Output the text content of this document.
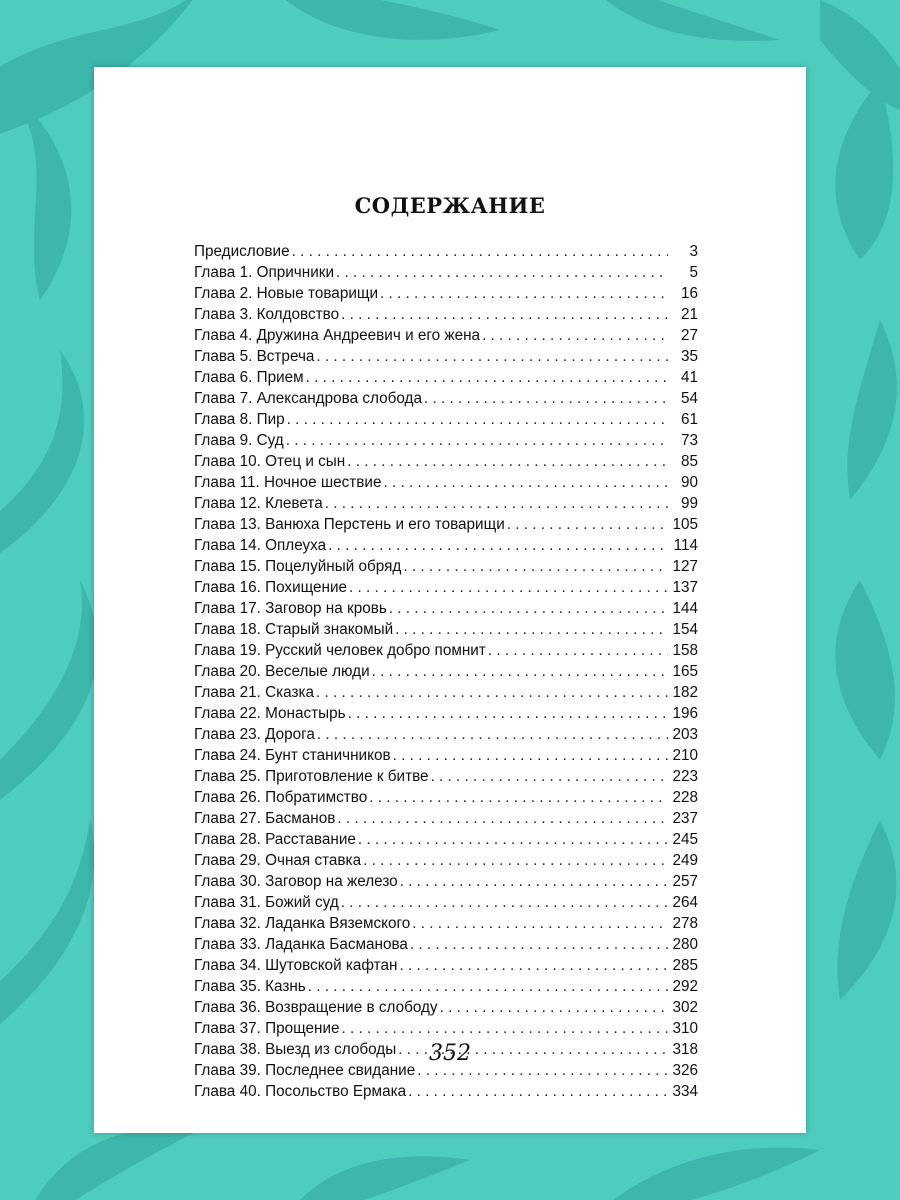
СОДЕРЖАНИЕ
Предисловие . . .	3
Глава 1. Опричники . . .	5
Глава 2. Новые товарищи . . .	16
Глава 3. Колдовство . . .	21
Глава 4. Дружина Андреевич и его жена . . .	27
Глава 5. Встреча . . .	35
Глава 6. Прием . . .	41
Глава 7. Александрова слобода . . .	54
Глава 8. Пир . . .	61
Глава 9. Суд . . .	73
Глава 10. Отец и сын . . .	85
Глава 11. Ночное шествие . . .	90
Глава 12. Клевета . . .	99
Глава 13. Ванюха Перстень и его товарищи . . .	105
Глава 14. Оплеуха . . .	114
Глава 15. Поцелуйный обряд . . .	127
Глава 16. Похищение . . .	137
Глава 17. Заговор на кровь . . .	144
Глава 18. Старый знакомый . . .	154
Глава 19. Русский человек добро помнит . . .	158
Глава 20. Веселые люди . . .	165
Глава 21. Сказка . . .	182
Глава 22. Монастырь . . .	196
Глава 23. Дорога . . .	203
Глава 24. Бунт станичников . . .	210
Глава 25. Приготовление к битве . . .	223
Глава 26. Побратимство . . .	228
Глава 27. Басманов . . .	237
Глава 28. Расставание . . .	245
Глава 29. Очная ставка . . .	249
Глава 30. Заговор на железо . . .	257
Глава 31. Божий суд . . .	264
Глава 32. Ладанка Вяземского . . .	278
Глава 33. Ладанка Басманова . . .	280
Глава 34. Шутовской кафтан . . .	285
Глава 35. Казнь . . .	292
Глава 36. Возвращение в слободу . . .	302
Глава 37. Прощение . . .	310
Глава 38. Выезд из слободы . . .	318
Глава 39. Последнее свидание . . .	326
Глава 40. Посольство Ермака . . .	334
352
